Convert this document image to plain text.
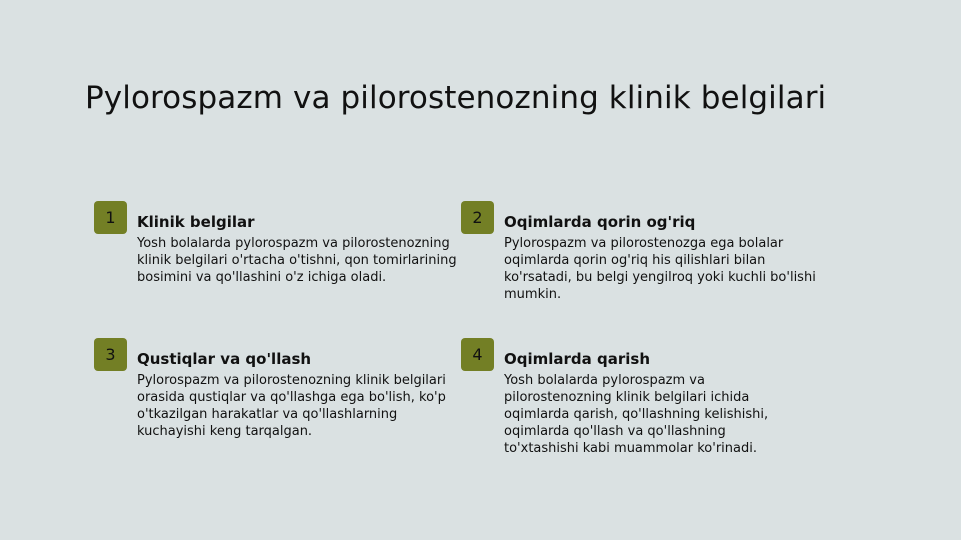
Pylorospazm va pilorostenozning klinik belgilari
1	Klinik belgilar

Yosh bolalarda pylorospazm va pilorostenozning klinik belgilari o'rtacha o'tishni, qon tomirlarining bosimini va qo'llashini o'z ichiga oladi.

2	Oqimlarda qorin og'riq

Pylorospazm va pilorostenozga ega bolalar oqimlarda qorin og'riq his qilishlari bilan ko'rsatadi, bu belgi yengilroq yoki kuchli bo'lishi mumkin.

3	Qustiqlar va qo'llash

Pylorospazm va pilorostenozning klinik belgilari orasida qustiqlar va qo'llashga ega bo'lish, ko'p o'tkazilgan harakatlar va qo'llashlarning kuchayishi keng tarqalgan.

4	Oqimlarda qarish

Yosh bolalarda pylorospazm va pilorostenozning klinik belgilari ichida oqimlarda qarish, qo'llashning kelishishi, oqimlarda qo'llash va qo'llashning to'xtashishi kabi muammolar ko'rinadi.
